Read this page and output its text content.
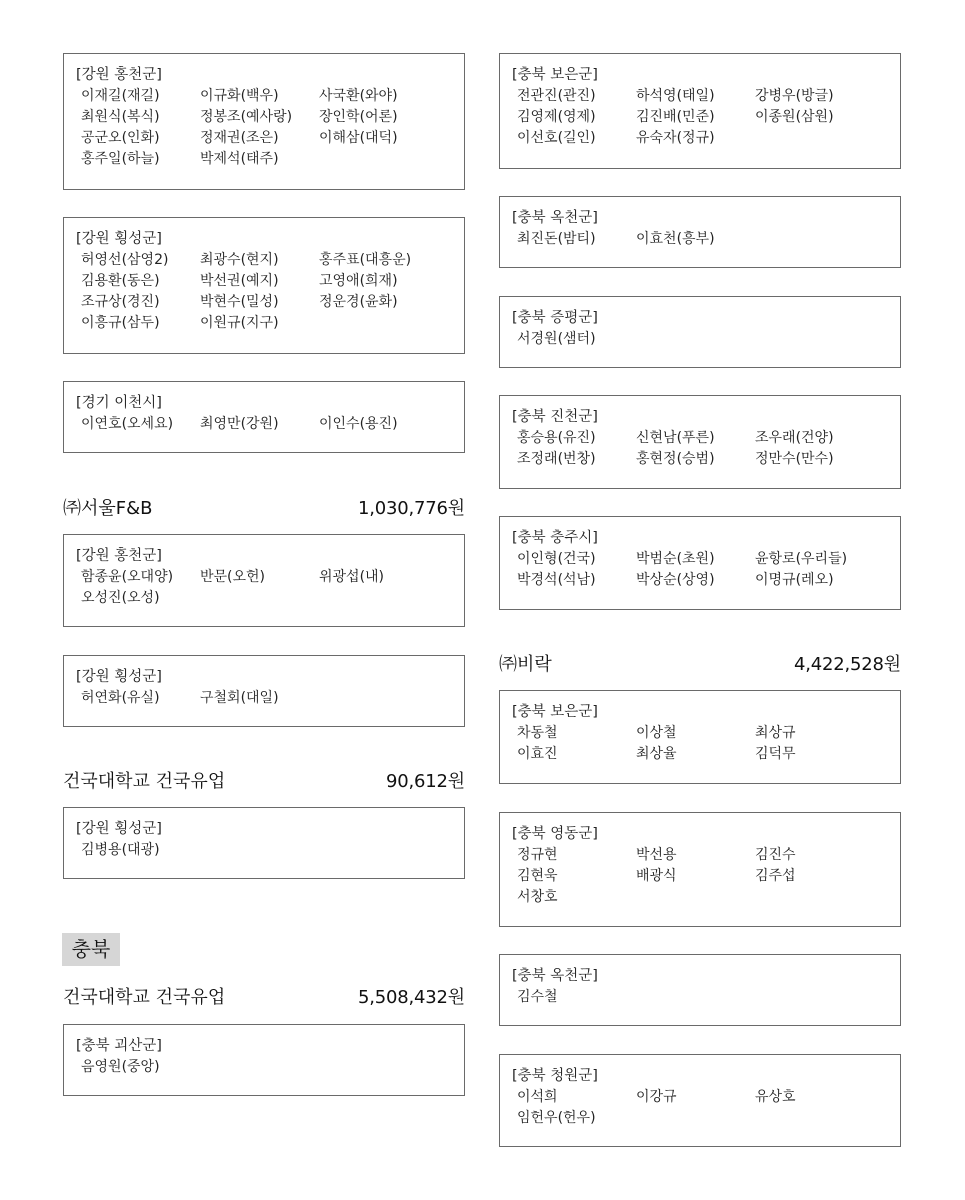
[강원 홍천군]
이재길(재길)	이규화(백우)	사국환(와야)
최원식(복식)	정봉조(예사랑)	장인학(어론)
공군오(인화)	정재권(조은)	이해삼(대덕)
홍주일(하늘)	박제석(태주)
[강원 횡성군]
허영선(삼영2)	최광수(현지)	홍주표(대흥운)
김용환(동은)	박선권(예지)	고영애(희재)
조규상(경진)	박현수(밀성)	정운경(윤화)
이흥규(삼두)	이원규(지구)
[경기 이천시]
이연호(오세요)	최영만(강원)	이인수(용진)
㈜서울F&B	1,030,776원
[강원 홍천군]
함종윤(오대양)	반문(오헌)	위광섭(내)
오성진(오성)
[강원 횡성군]
허연화(유실)	구철회(대일)
건국대학교 건국유업	90,612원
[강원 횡성군]
김병용(대광)
충북
건국대학교 건국유업	5,508,432원
[충북 괴산군]
음영원(중앙)
[충북 보은군]
전관진(관진)	하석영(태일)	강병우(방글)
김영제(영제)	김진배(민준)	이종원(삼원)
이선호(길인)	유숙자(정규)
[충북 옥천군]
최진돈(밤티)	이효천(흥부)
[충북 증평군]
서경원(샘터)
[충북 진천군]
홍승용(유진)	신현남(푸른)	조우래(건양)
조정래(번창)	홍현정(승범)	정만수(만수)
[충북 충주시]
이인형(건국)	박범순(초원)	윤항로(우리들)
박경석(석남)	박상순(상영)	이명규(레오)
㈜비락	4,422,528원
[충북 보은군]
차동철	이상철	최상규
이효진	최상율	김덕무
[충북 영동군]
정규현	박선용	김진수
김현욱	배광식	김주섭
서창호
[충북 옥천군]
김수철
[충북 청원군]
이석희	이강규	유상호
임헌우(헌우)
